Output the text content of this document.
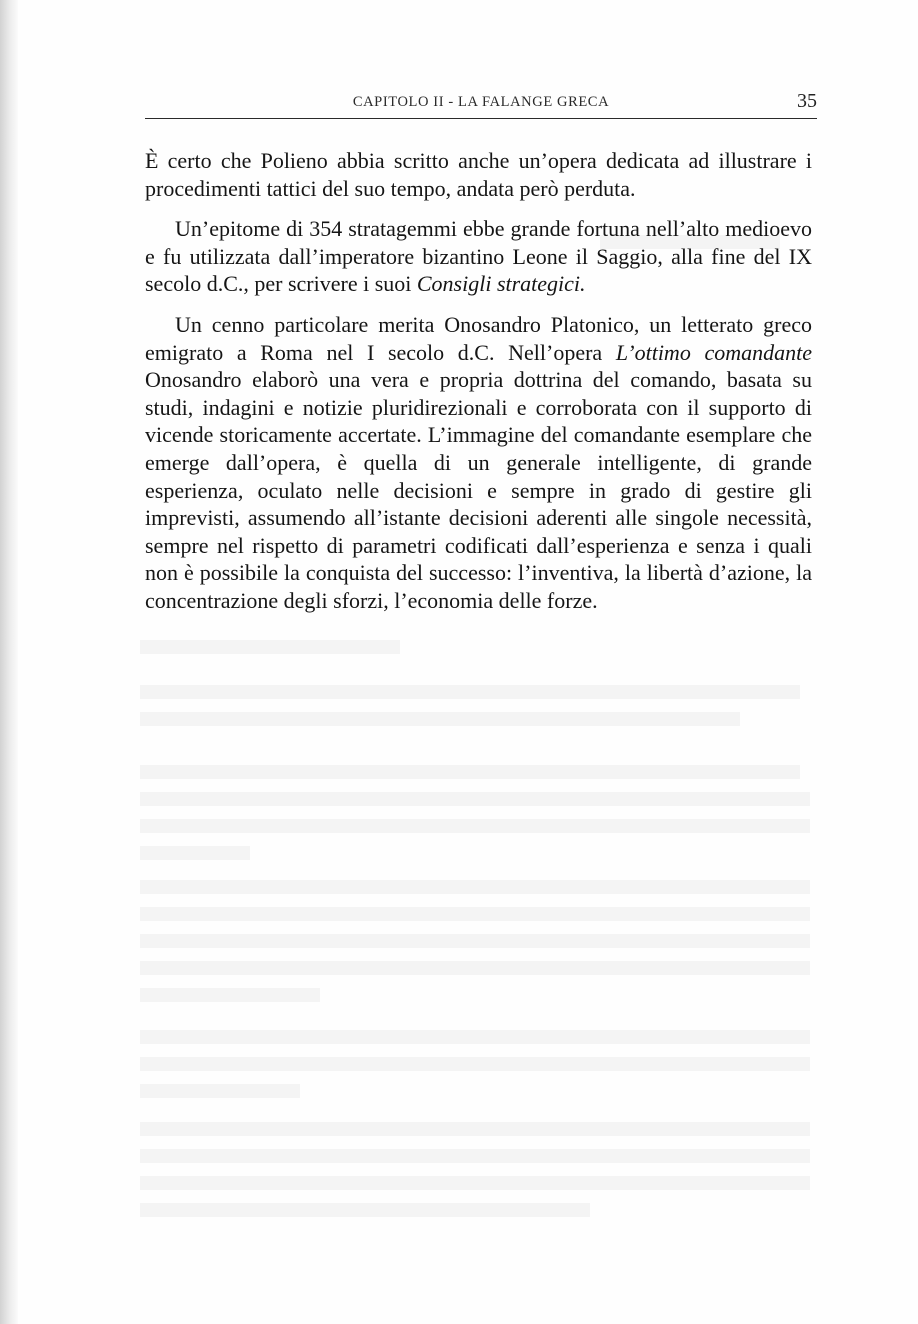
CAPITOLO II - LA FALANGE GRECA	35

È certo che Polieno abbia scritto anche un’opera dedicata ad illustrare i procedimenti tattici del suo tempo, andata però perduta.

Un’epitome di 354 stratagemmi ebbe grande fortuna nell’alto medioevo e fu utilizzata dall’imperatore bizantino Leone il Saggio, alla fine del IX secolo d.C., per scrivere i suoi Consigli strategici.

Un cenno particolare merita Onosandro Platonico, un letterato greco emigrato a Roma nel I secolo d.C. Nell’opera L’ottimo comandante Onosandro elaborò una vera e propria dottrina del comando, basata su studi, indagini e notizie pluridirezionali e corroborata con il supporto di vicende storicamente accertate. L’immagine del comandante esemplare che emerge dall’opera, è quella di un generale intelligente, di grande esperienza, oculato nelle decisioni e sempre in grado di gestire gli imprevisti, assumendo all’istante decisioni aderenti alle singole necessità, sempre nel rispetto di parametri codificati dall’esperienza e senza i quali non è possibile la conquista del successo: l’inventiva, la libertà d’azione, la concentrazione degli sforzi, l’economia delle forze.
